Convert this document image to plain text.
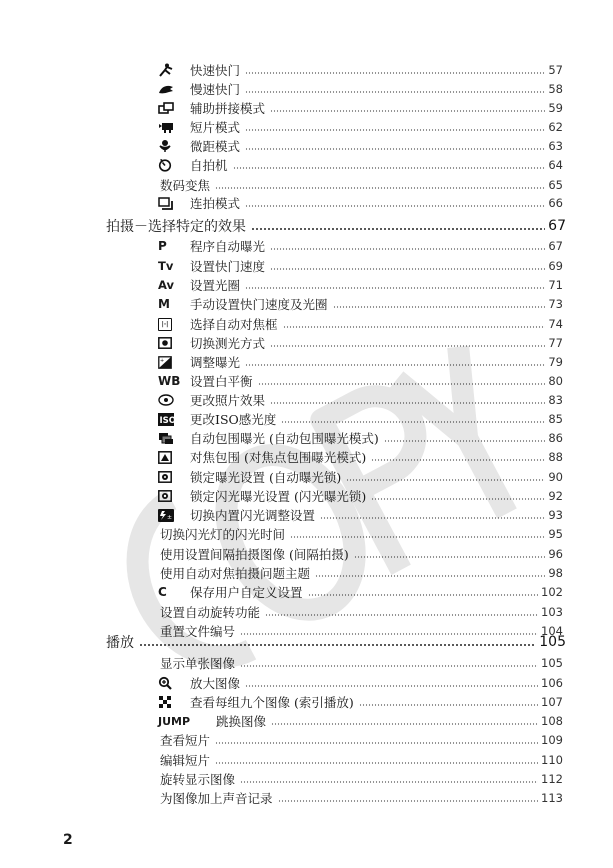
快速快门	57
慢速快门	58
辅助拼接模式	59
短片模式	62
微距模式	63
自拍机	64
数码变焦	65
连拍模式	66
拍摄－选择特定的效果	67
P	程序自动曝光	67
Tv	设置快门速度	69
Av	设置光圈	71
M	手动设置快门速度及光圈	73
|·| 选择自动对焦框	74
切换测光方式	77
+ 调整曝光	79
WB 设置白平衡	80
更改照片效果	83
ISO 更改ISO感光度	85
自动包围曝光 (自动包围曝光模式)	86
对焦包围 (对焦点包围曝光模式)	88
锁定曝光设置 (自动曝光锁)	90
锁定闪光曝光设置 (闪光曝光锁)	92
± 切换内置闪光调整设置	93
切换闪光灯的闪光时间	95
使用设置间隔拍摄图像 (间隔拍摄)	96
使用自动对焦拍摄问题主题	98
C	保存用户自定义设置	102
设置自动旋转功能	103
重置文件编号	104
播放	105
显示单张图像	105
放大图像	106
查看每组九个图像 (索引播放)	107
JUMP	跳换图像	108
查看短片	109
编辑短片	110
旋转显示图像	112
为图像加上声音记录	113
2
